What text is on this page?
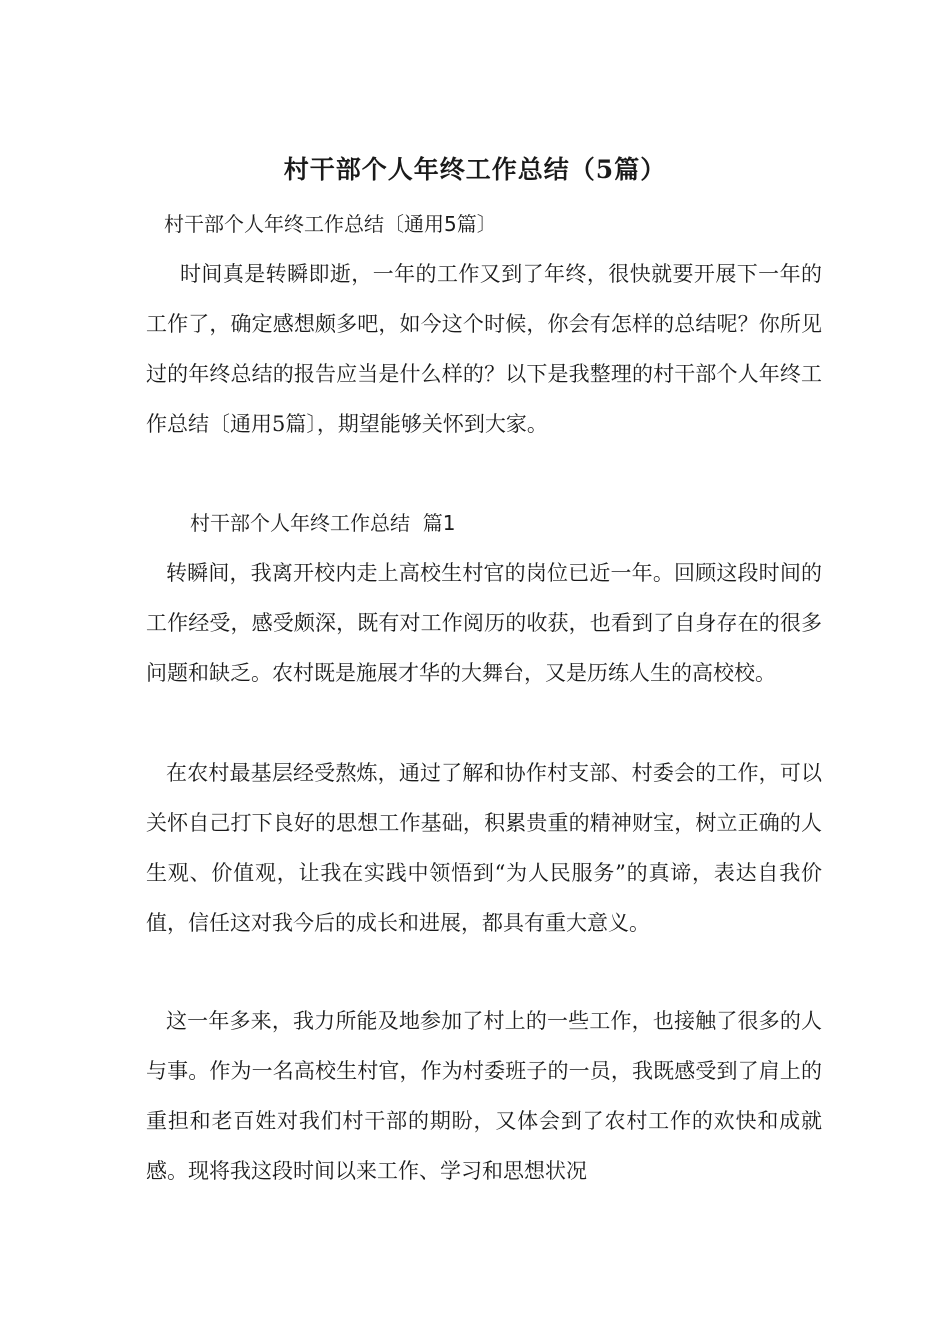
村干部个人年终工作总结（5篇）
村干部个人年终工作总结〔通用5篇〕

时间真是转瞬即逝，一年的工作又到了年终，很快就要开展下一年的工作了，确定感想颇多吧，如今这个时候，你会有怎样的总结呢？你所见过的年终总结的报告应当是什么样的？以下是我整理的村干部个人年终工作总结〔通用5篇〕，期望能够关怀到大家。

村干部个人年终工作总结  篇1

转瞬间，我离开校内走上高校生村官的岗位已近一年。回顾这段时间的工作经受，感受颇深，既有对工作阅历的收获，也看到了自身存在的很多问题和缺乏。农村既是施展才华的大舞台，又是历练人生的高校校。

在农村最基层经受熬炼，通过了解和协作村支部、村委会的工作，可以关怀自己打下良好的思想工作基础，积累贵重的精神财宝，树立正确的人生观、价值观，让我在实践中领悟到“为人民服务”的真谛，表达自我价值，信任这对我今后的成长和进展，都具有重大意义。

这一年多来，我力所能及地参加了村上的一些工作，也接触了很多的人与事。作为一名高校生村官，作为村委班子的一员，我既感受到了肩上的重担和老百姓对我们村干部的期盼，又体会到了农村工作的欢快和成就感。现将我这段时间以来工作、学习和思想状况
